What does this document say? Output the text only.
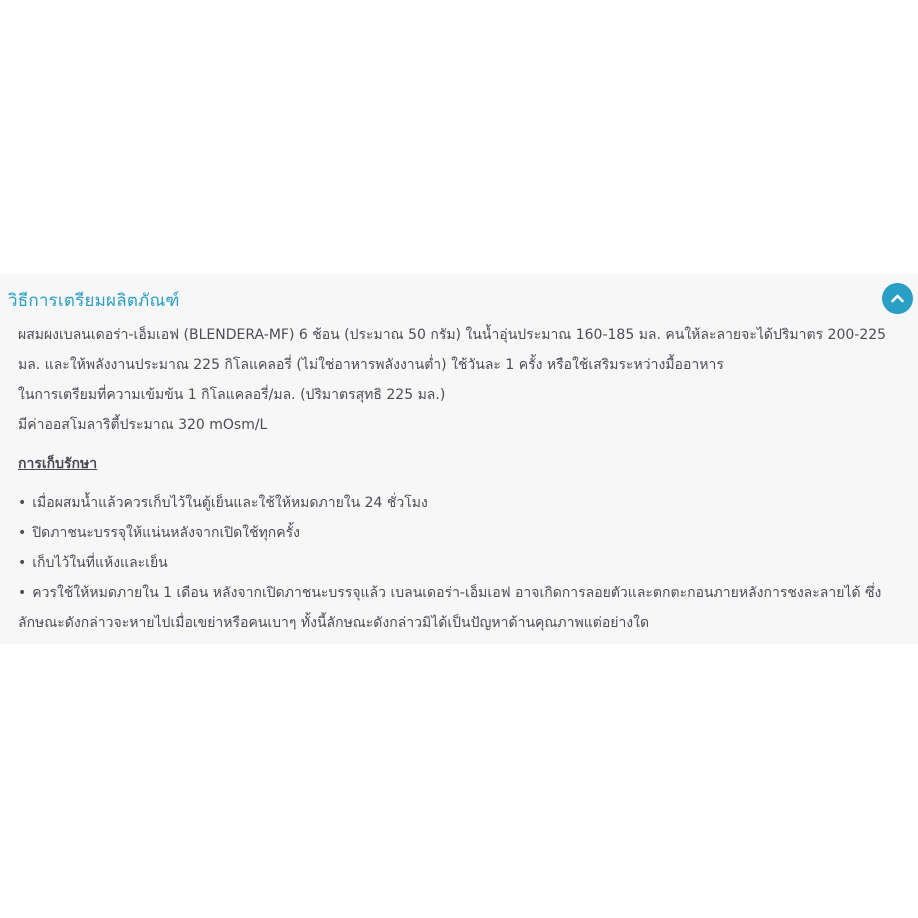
วิธีการเตรียมผลิตภัณฑ์
ผสมผงเบลนเดอร่า-เอ็มเอฟ (BLENDERA-MF) 6 ช้อน (ประมาณ 50 กรัม) ในน้ำอุ่นประมาณ 160-185 มล. คนให้ละลายจะได้ปริมาตร 200-225
มล. และให้พลังงานประมาณ 225 กิโลแคลอรี่ (ไม่ใช่อาหารพลังงานต่ำ) ใช้วันละ 1 ครั้ง หรือใช้เสริมระหว่างมื้ออาหาร
ในการเตรียมที่ความเข้มข้น 1 กิโลแคลอรี่/มล. (ปริมาตรสุทธิ 225 มล.)
มีค่าออสโมลาริตี้ประมาณ 320 mOsm/L
การเก็บรักษา
• เมื่อผสมน้ำแล้วควรเก็บไว้ในตู้เย็นและใช้ให้หมดภายใน 24 ชั่วโมง
• ปิดภาชนะบรรจุให้แน่นหลังจากเปิดใช้ทุกครั้ง
• เก็บไว้ในที่แห้งและเย็น
• ควรใช้ให้หมดภายใน 1 เดือน หลังจากเปิดภาชนะบรรจุแล้ว เบลนเดอร่า-เอ็มเอฟ อาจเกิดการลอยตัวและตกตะกอนภายหลังการชงละลายได้ ซึ่ง
ลักษณะดังกล่าวจะหายไปเมื่อเขย่าหรือคนเบาๆ ทั้งนี้ลักษณะดังกล่าวมิได้เป็นปัญหาด้านคุณภาพแต่อย่างใด
